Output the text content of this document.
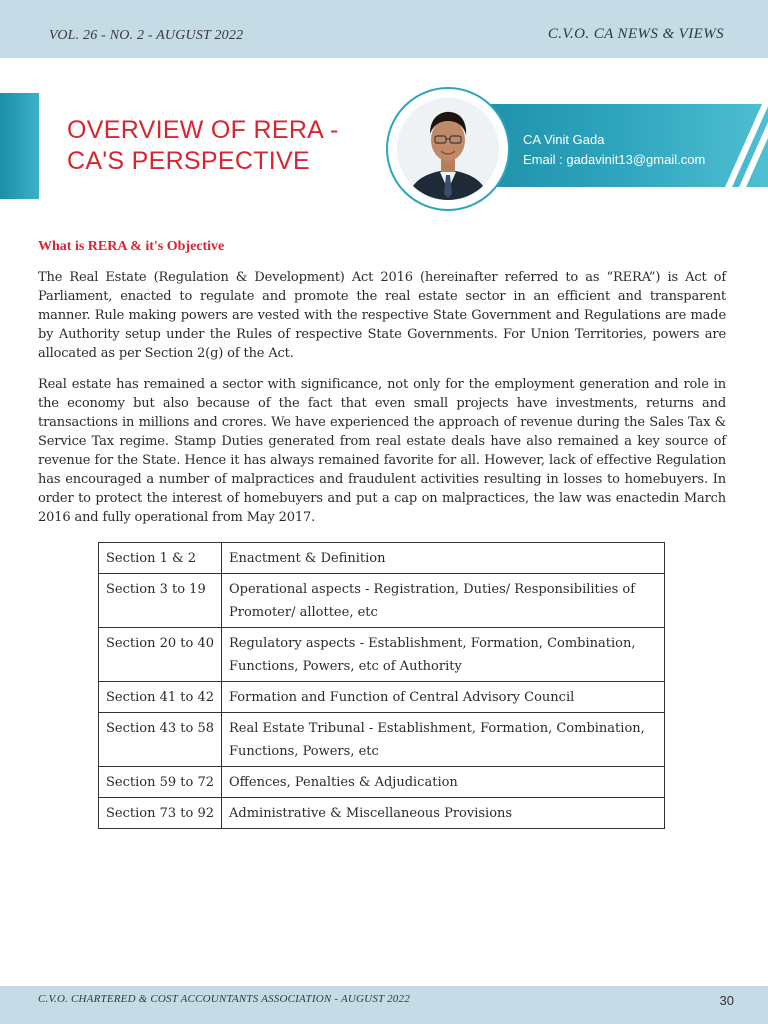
VOL. 26 - NO. 2 - AUGUST 2022	C.V.O. CA NEWS & VIEWS
OVERVIEW OF RERA -
CA'S PERSPECTIVE
CA Vinit Gada
Email : gadavinit13@gmail.com
What is RERA & it's Objective

The Real Estate (Regulation & Development) Act 2016 (hereinafter referred to as “RERA”) is Act of Parliament, enacted to regulate and promote the real estate sector in an efficient and transparent manner. Rule making powers are vested with the respective State Government and Regulations are made by Authority setup under the Rules of respective State Governments. For Union Territories, powers are allocated as per Section 2(g) of the Act.

Real estate has remained a sector with significance, not only for the employment generation and role in the economy but also because of the fact that even small projects have investments, returns and transactions in millions and crores. We have experienced the approach of revenue during the Sales Tax & Service Tax regime. Stamp Duties generated from real estate deals have also remained a key source of revenue for the State. Hence it has always remained favorite for all. However, lack of effective Regulation has encouraged a number of malpractices and fraudulent activities resulting in losses to homebuyers. In order to protect the interest of homebuyers and put a cap on malpractices, the law was enactedin March 2016 and fully operational from May 2017.

Section 1 & 2	Enactment & Definition
Section 3 to 19	Operational aspects - Registration, Duties/ Responsibilities of Promoter/ allottee, etc
Section 20 to 40	Regulatory aspects - Establishment, Formation, Combination, Functions, Powers, etc of Authority
Section 41 to 42	Formation and Function of Central Advisory Council
Section 43 to 58	Real Estate Tribunal - Establishment, Formation, Combination, Functions, Powers, etc
Section 59 to 72	Offences, Penalties & Adjudication
Section 73 to 92	Administrative & Miscellaneous Provisions
C.V.O. CHARTERED & COST ACCOUNTANTS ASSOCIATION - AUGUST 2022	30
